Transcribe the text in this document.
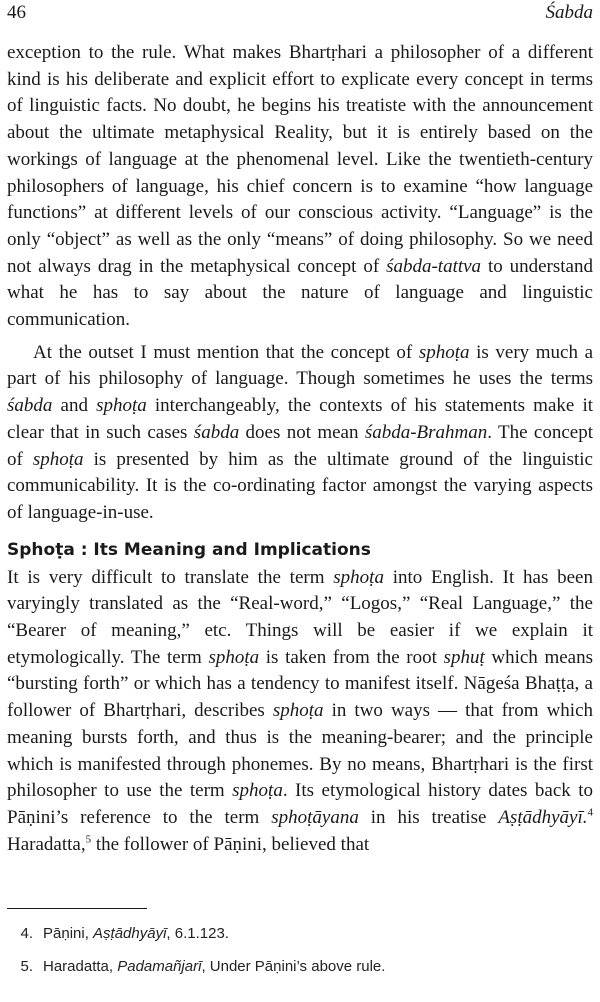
46	Śabda

exception to the rule. What makes Bhartṛhari a philosopher of a different kind is his deliberate and explicit effort to explicate every concept in terms of linguistic facts. No doubt, he begins his treatiste with the announcement about the ultimate metaphysical Reality, but it is entirely based on the workings of language at the phenomenal level. Like the twentieth-century philosophers of language, his chief concern is to examine “how language functions” at different levels of our conscious activity. “Language” is the only “object” as well as the only “means” of doing philosophy. So we need not always drag in the metaphysical concept of śabda-tattva to understand what he has to say about the nature of language and linguistic communication.

At the outset I must mention that the concept of sphoṭa is very much a part of his philosophy of language. Though sometimes he uses the terms śabda and sphoṭa interchangeably, the contexts of his statements make it clear that in such cases śabda does not mean śabda-Brahman. The concept of sphoṭa is presented by him as the ultimate ground of the linguistic communicability. It is the co-ordinating factor amongst the varying aspects of language-in-use.

Sphoṭa : Its Meaning and Implications

It is very difficult to translate the term sphoṭa into English. It has been varyingly translated as the “Real-word,” “Logos,” “Real Language,” the “Bearer of meaning,” etc. Things will be easier if we explain it etymologically. The term sphoṭa is taken from the root sphuṭ which means “bursting forth” or which has a tendency to manifest itself. Nāgeśa Bhaṭṭa, a follower of Bhartṛhari, describes sphoṭa in two ways — that from which meaning bursts forth, and thus is the meaning-bearer; and the principle which is manifested through phonemes. By no means, Bhartṛhari is the first philosopher to use the term sphoṭa. Its etymological history dates back to Pāṇini’s reference to the term sphoṭāyana in his treatise Aṣṭādhyāyī.$^4$ Haradatta,$^5$ the follower of Pāṇini, believed that

4. Pāṇini, Aṣṭādhyāyī, 6.1.123.
5. Haradatta, Padamañjarī, Under Pāṇini’s above rule.
